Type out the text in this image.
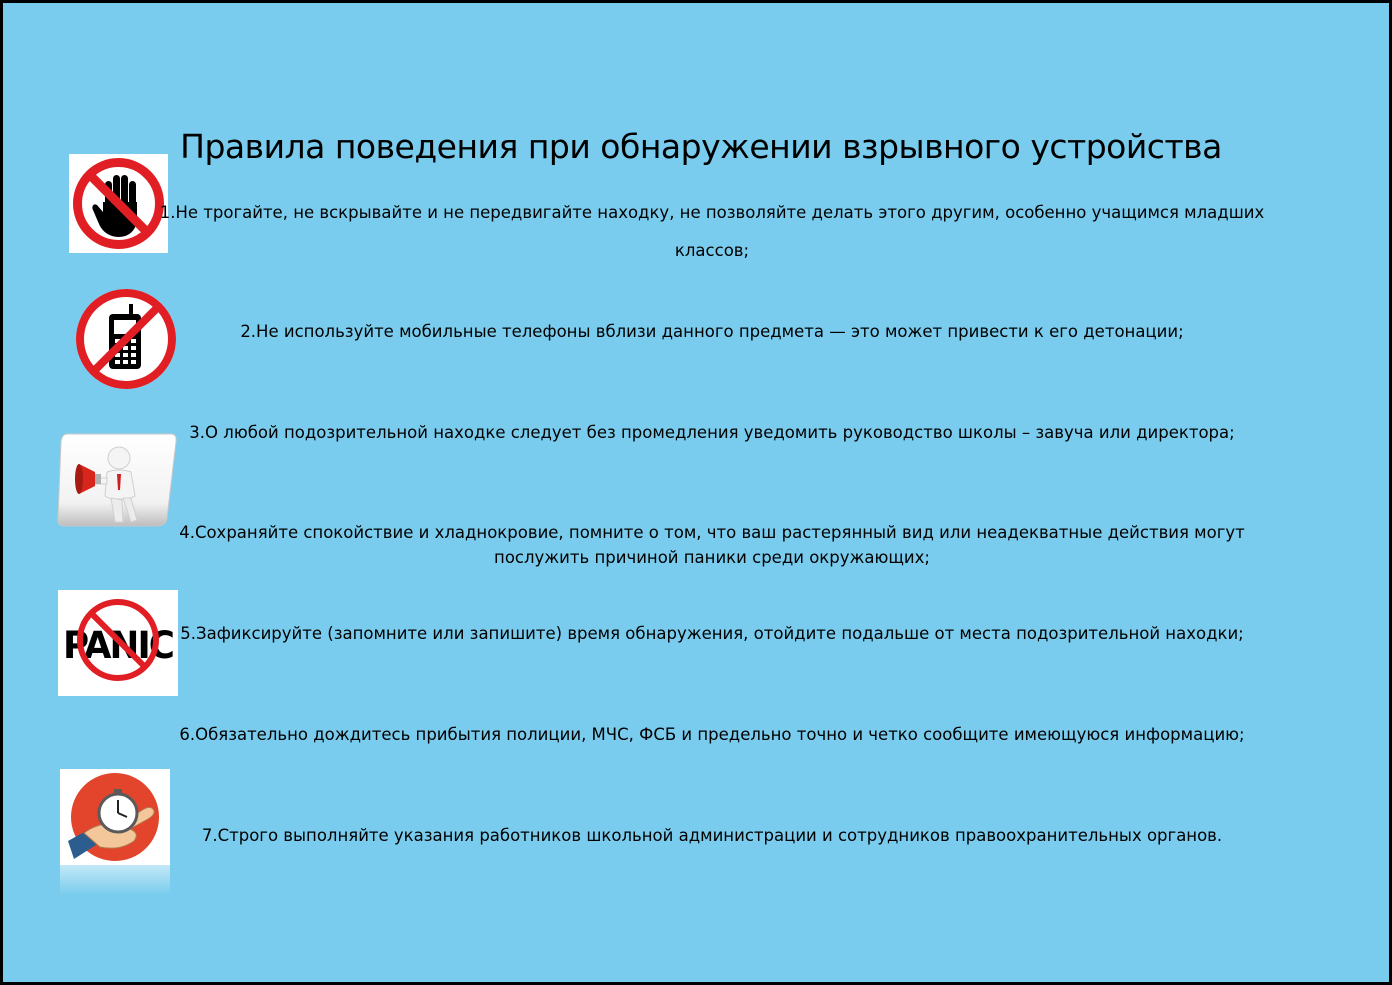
Правила поведения при обнаружении взрывного устройства
PANIC
1.Не трогайте, не вскрывайте и не передвигайте находку, не позволяйте делать этого другим, особенно учащимся младших
классов;
2.Не используйте мобильные телефоны вблизи данного предмета — это может привести к его детонации;
3.О любой подозрительной находке следует без промедления уведомить руководство школы – завуча или директора;
4.Сохраняйте спокойствие и хладнокровие, помните о том, что ваш растерянный вид или неадекватные действия могут
послужить причиной паники среди окружающих;
5.Зафиксируйте (запомните или запишите) время обнаружения, отойдите подальше от места подозрительной находки;
6.Обязательно дождитесь прибытия полиции, МЧС, ФСБ и предельно точно и четко сообщите имеющуюся информацию;
7.Строго выполняйте указания работников школьной администрации и сотрудников правоохранительных органов.
